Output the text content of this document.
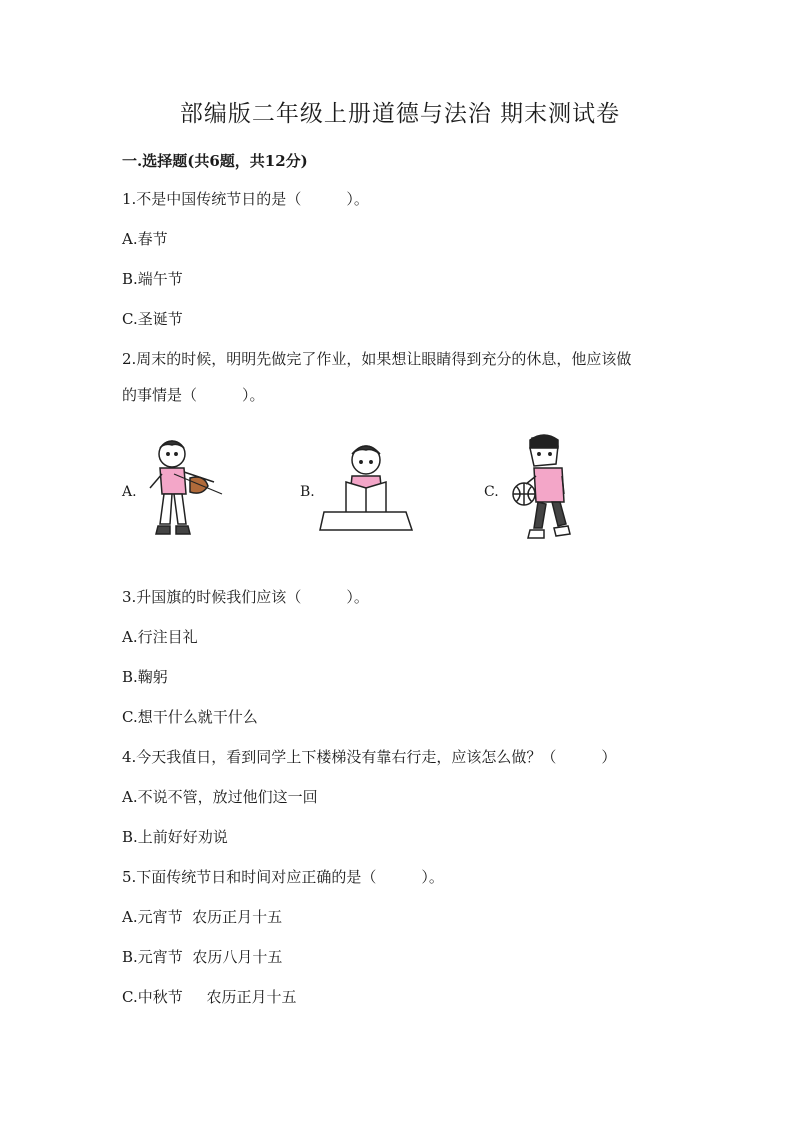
部编版二年级上册道德与法治 期末测试卷
一.选择题(共6题，共12分)
1.不是中国传统节日的是（　　　）。
A.春节
B.端午节
C.圣诞节
2.周末的时候，明明先做完了作业，如果想让眼睛得到充分的休息，他应该做
的事情是（　　　）。
A.	B.	C.
3.升国旗的时候我们应该（　　　）。
A.行注目礼
B.鞠躬
C.想干什么就干什么
4.今天我值日，看到同学上下楼梯没有靠右行走，应该怎么做？（　　　）
A.不说不管，放过他们这一回
B.上前好好劝说
5.下面传统节日和时间对应正确的是（　　　）。
A.元宵节  农历正月十五
B.元宵节  农历八月十五
C.中秋节     农历正月十五
